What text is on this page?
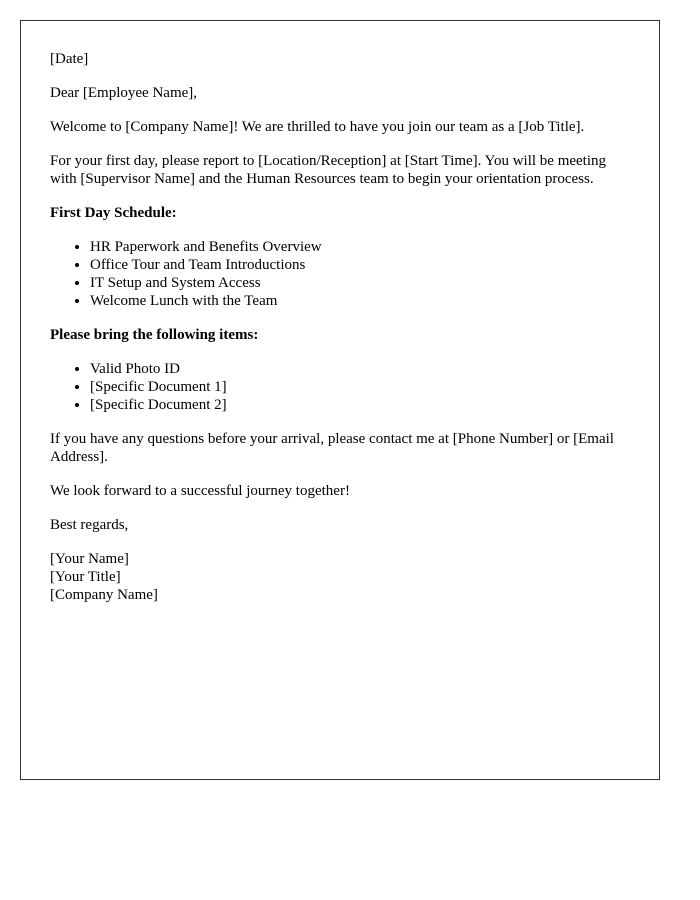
[Date]

Dear [Employee Name],

Welcome to [Company Name]! We are thrilled to have you join our team as a [Job Title].

For your first day, please report to [Location/Reception] at [Start Time]. You will be meeting with [Supervisor Name] and the Human Resources team to begin your orientation process.

First Day Schedule:

• HR Paperwork and Benefits Overview
• Office Tour and Team Introductions
• IT Setup and System Access
• Welcome Lunch with the Team

Please bring the following items:

• Valid Photo ID
• [Specific Document 1]
• [Specific Document 2]

If you have any questions before your arrival, please contact me at [Phone Number] or [Email Address].

We look forward to a successful journey together!

Best regards,

[Your Name]
[Your Title]
[Company Name]
